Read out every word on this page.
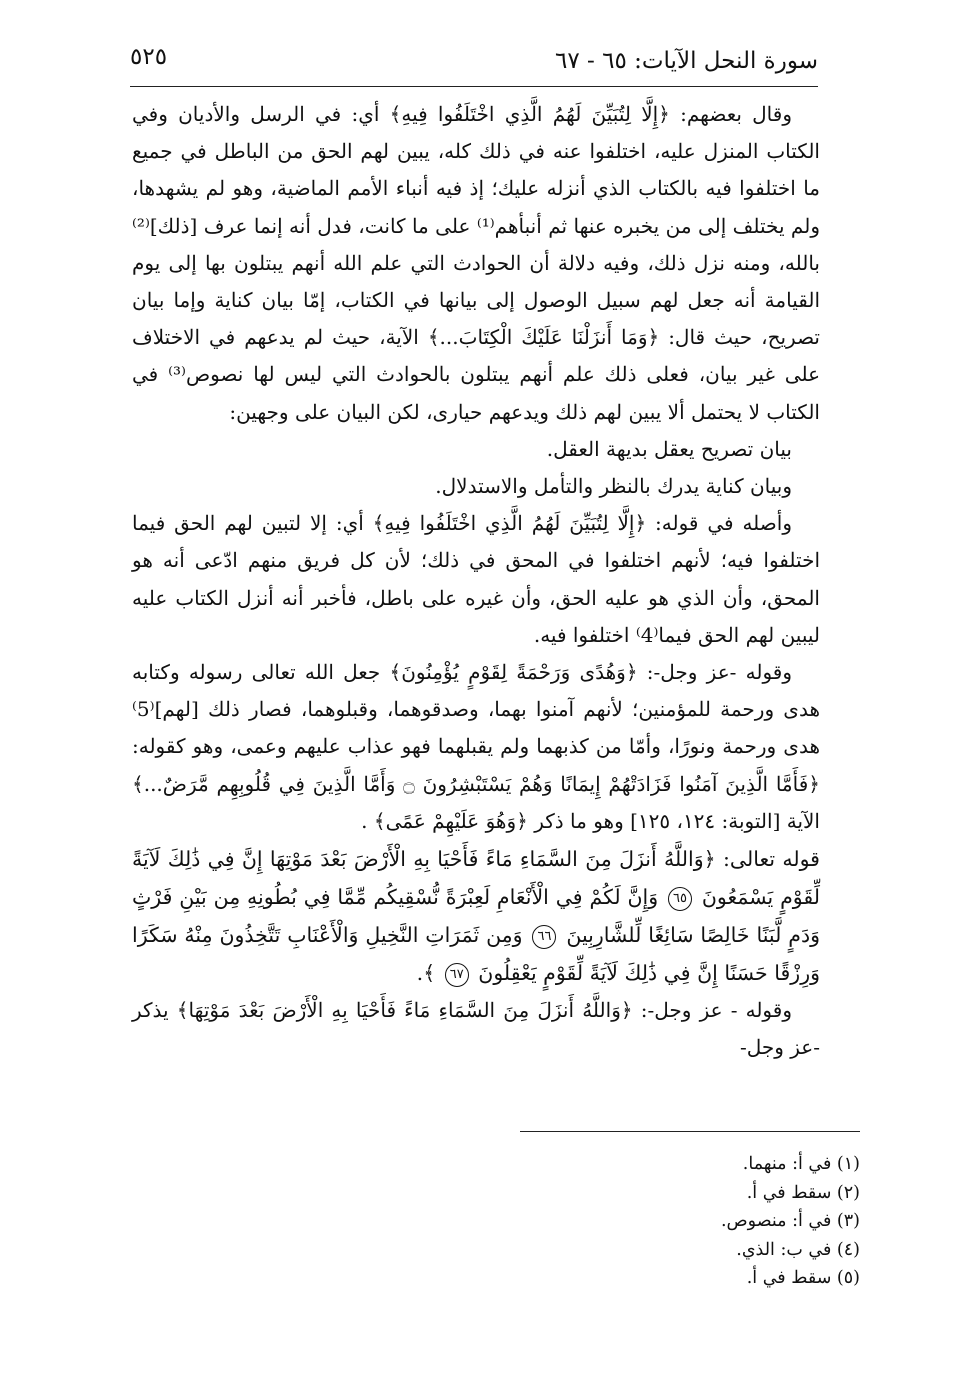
سورة النحل الآيات: ٦٥ - ٦٧
٥٢٥

وقال بعضهم: ﴿إِلَّا لِتُبَيِّنَ لَهُمُ الَّذِي اخْتَلَفُوا فِيهِ﴾ أي: في الرسل والأديان وفي الكتاب المنزل عليه، اختلفوا عنه في ذلك كله، يبين لهم الحق من الباطل في جميع ما اختلفوا فيه بالكتاب الذي أنزله عليك؛ إذ فيه أنباء الأمم الماضية، وهو لم يشهدها، ولم يختلف إلى من يخبره عنها ثم أنبأهم⁽¹⁾ على ما كانت، فدل أنه إنما عرف [ذلك]⁽²⁾ بالله، ومنه نزل ذلك، وفيه دلالة أن الحوادث التي علم الله أنهم يبتلون بها إلى يوم القيامة أنه جعل لهم سبيل الوصول إلى بيانها في الكتاب، إمّا بيان كناية وإما بيان تصريح، حيث قال: ﴿وَمَا أَنزَلْنَا عَلَيْكَ الْكِتَابَ...﴾ الآية، حيث لم يدعهم في الاختلاف على غير بيان، فعلى ذلك علم أنهم يبتلون بالحوادث التي ليس لها نصوص⁽³⁾ في الكتاب لا يحتمل ألا يبين لهم ذلك ويدعهم حيارى، لكن البيان على وجهين:

بيان تصريح يعقل بديهة العقل.

وبيان كناية يدرك بالنظر والتأمل والاستدلال.

وأصله في قوله: ﴿إِلَّا لِتُبَيِّنَ لَهُمُ الَّذِي اخْتَلَفُوا فِيهِ﴾ أي: إلا لتبين لهم الحق فيما اختلفوا فيه؛ لأنهم اختلفوا في المحق في ذلك؛ لأن كل فريق منهم ادّعى أنه هو المحق، وأن الذي هو عليه الحق، وأن غيره على باطل، فأخبر أنه أنزل الكتاب عليه ليبين لهم الحق فيما⁽4⁾ اختلفوا فيه.

وقوله -عز وجل-: ﴿وَهُدًى وَرَحْمَةً لِقَوْمٍ يُؤْمِنُونَ﴾ جعل الله تعالى رسوله وكتابه هدى ورحمة للمؤمنين؛ لأنهم آمنوا بهما، وصدقوهما، وقبلوهما، فصار ذلك [لهم]⁽5⁾ هدى ورحمة ونورًا، وأمّا من كذبهما ولم يقبلهما فهو عذاب عليهم وعمى، وهو كقوله: ﴿فَأَمَّا الَّذِينَ آمَنُوا فَزَادَتْهُمْ إِيمَانًا وَهُمْ يَسْتَبْشِرُونَ ۝ وَأَمَّا الَّذِينَ فِي قُلُوبِهِم مَّرَضٌ...﴾ الآية [التوبة: ١٢٤، ١٢٥] وهو ما ذكر ﴿وَهُوَ عَلَيْهِمْ عَمًى﴾ .

قوله تعالى: ﴿وَاللَّهُ أَنزَلَ مِنَ السَّمَاءِ مَاءً فَأَحْيَا بِهِ الْأَرْضَ بَعْدَ مَوْتِهَا إِنَّ فِي ذَٰلِكَ لَآيَةً لِّقَوْمٍ يَسْمَعُونَ ٦٥ وَإِنَّ لَكُمْ فِي الْأَنْعَامِ لَعِبْرَةً نُّسْقِيكُم مِّمَّا فِي بُطُونِهِ مِن بَيْنِ فَرْثٍ وَدَمٍ لَّبَنًا خَالِصًا سَائِغًا لِّلشَّارِبِينَ ٦٦ وَمِن ثَمَرَاتِ النَّخِيلِ وَالْأَعْنَابِ تَتَّخِذُونَ مِنْهُ سَكَرًا وَرِزْقًا حَسَنًا إِنَّ فِي ذَٰلِكَ لَآيَةً لِّقَوْمٍ يَعْقِلُونَ ٦٧ ﴾.

وقوله - عز وجل-: ﴿وَاللَّهُ أَنزَلَ مِنَ السَّمَاءِ مَاءً فَأَحْيَا بِهِ الْأَرْضَ بَعْدَ مَوْتِهَا﴾ يذكر -عز وجل-

(١) في أ: منهما.
(٢) سقط في أ.
(٣) في أ: منصوص.
(٤) في ب: الذي.
(٥) سقط في أ.
